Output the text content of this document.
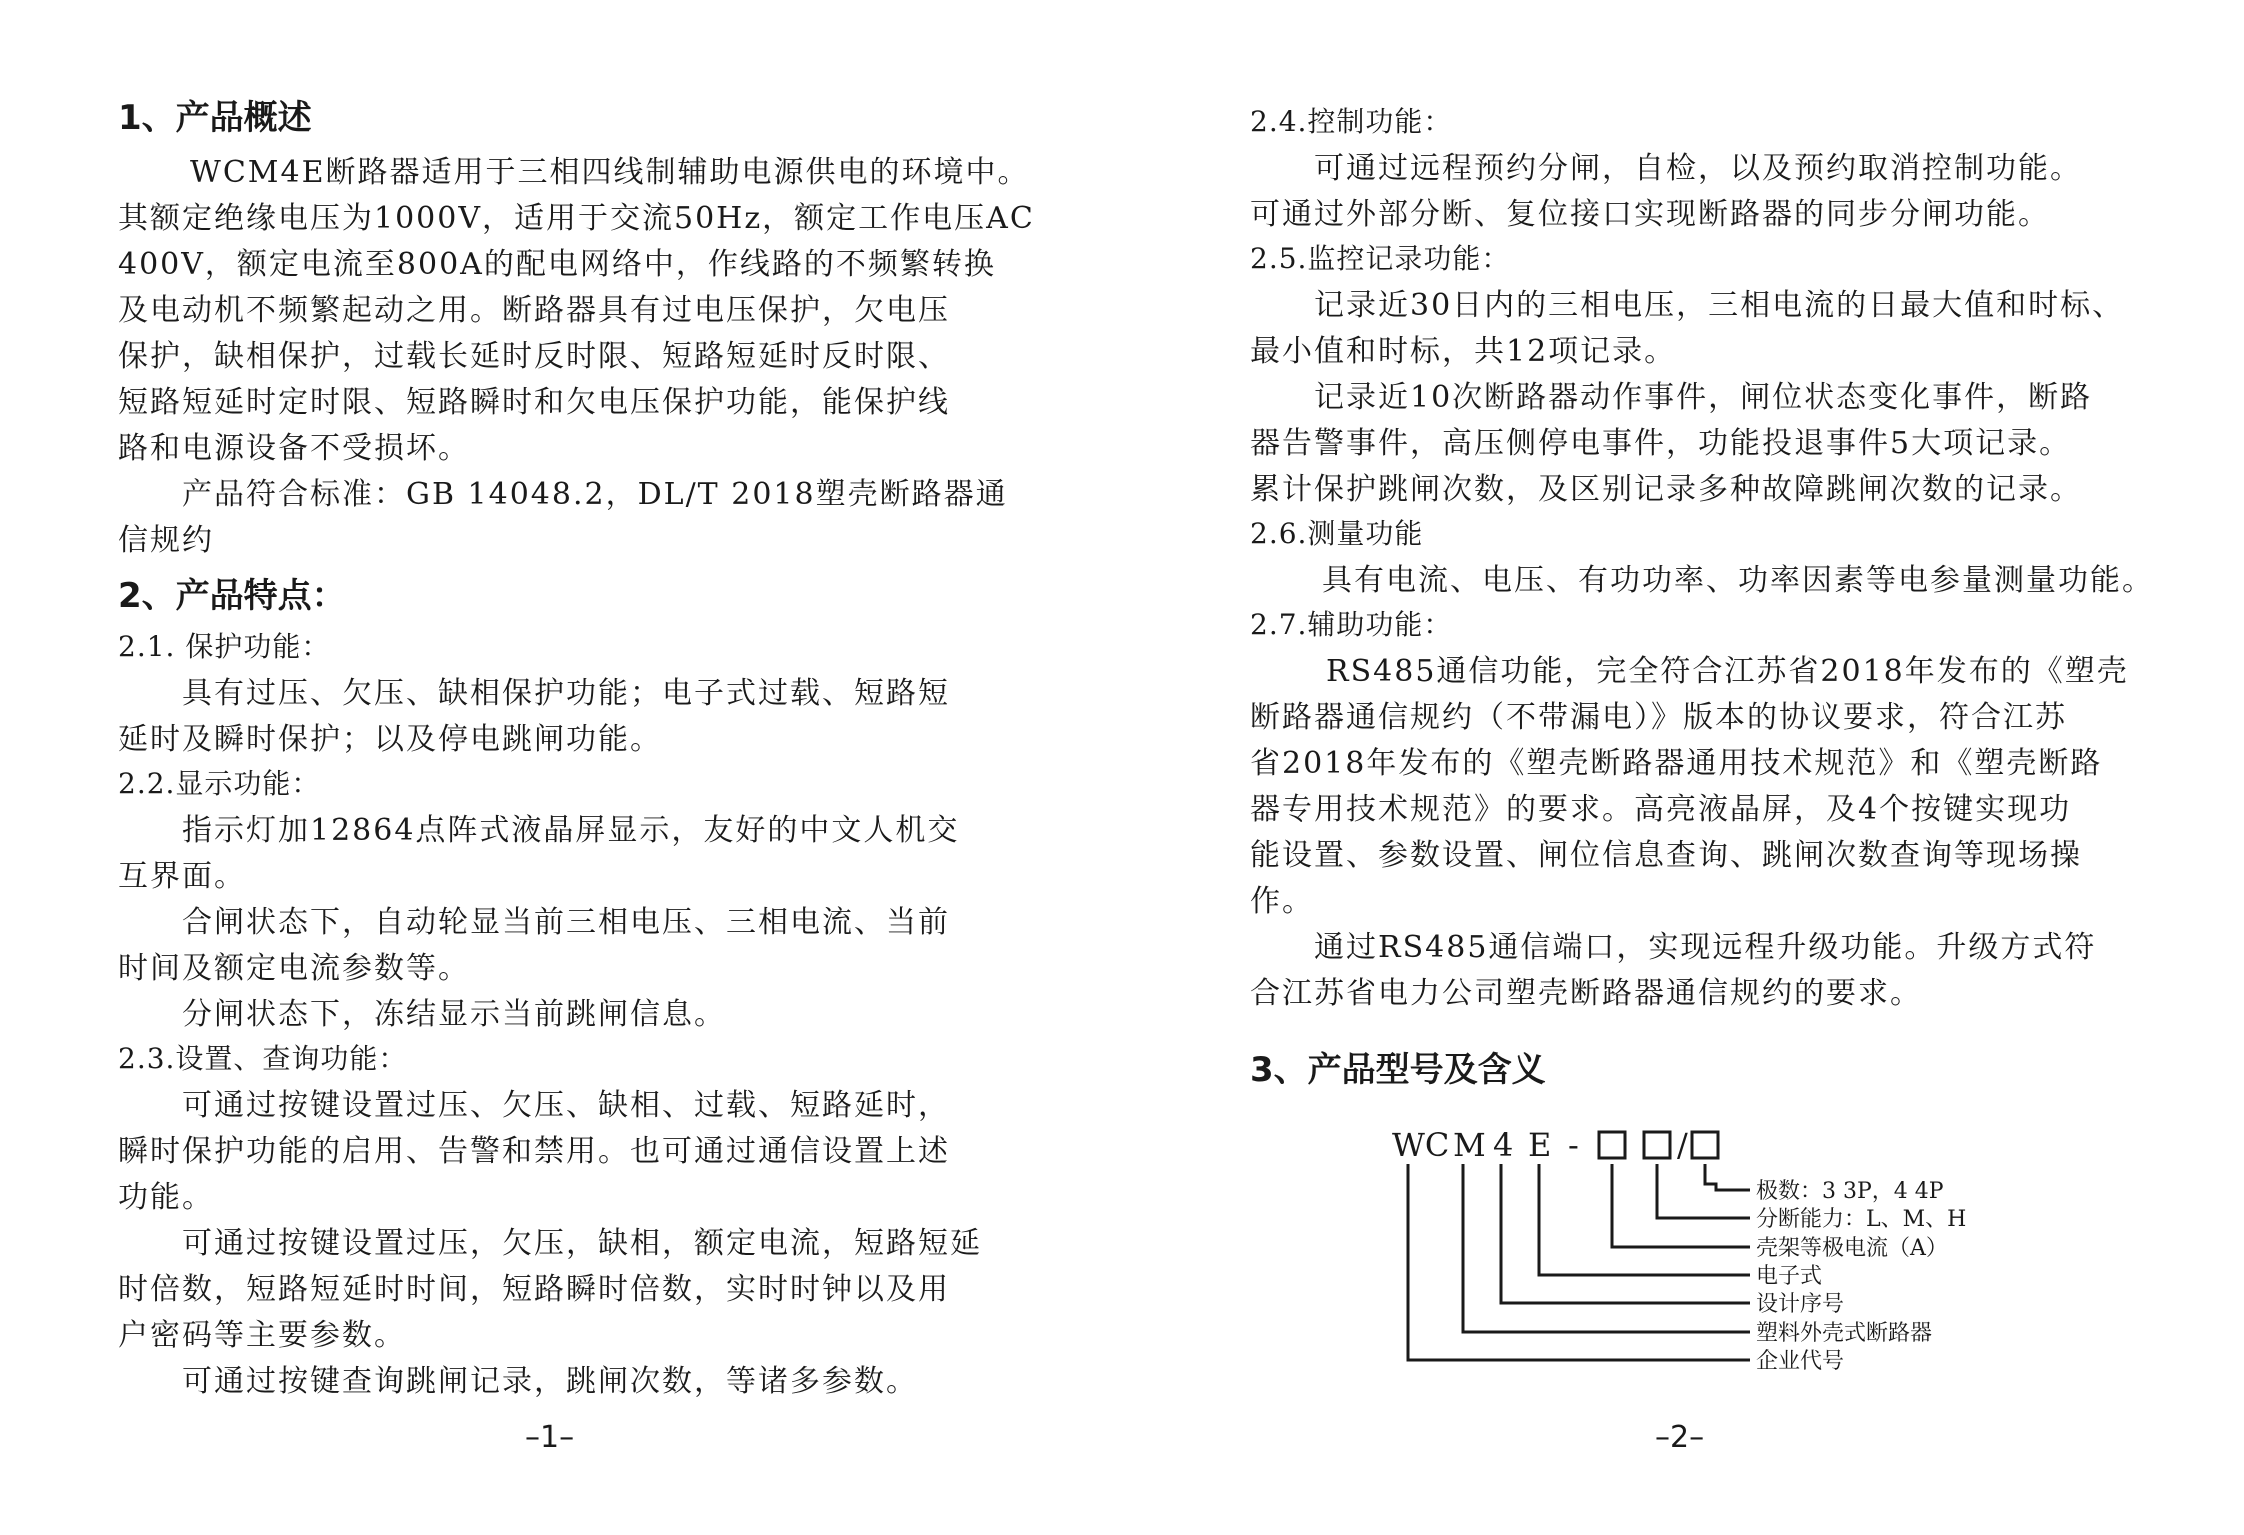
1、产品概述
WCM4E断路器适用于三相四线制辅助电源供电的环境中。
其额定绝缘电压为1000V，适用于交流50Hz，额定工作电压AC
400V，额定电流至800A的配电网络中，作线路的不频繁转换
及电动机不频繁起动之用。断路器具有过电压保护，欠电压
保护，缺相保护，过载长延时反时限、短路短延时反时限、
短路短延时定时限、短路瞬时和欠电压保护功能，能保护线
路和电源设备不受损坏。
产品符合标准：GB 14048.2，DL/T 2018塑壳断路器通
信规约
2、产品特点：
2.1. 保护功能：
具有过压、欠压、缺相保护功能；电子式过载、短路短
延时及瞬时保护；以及停电跳闸功能。
2.2.显示功能：
指示灯加12864点阵式液晶屏显示，友好的中文人机交
互界面。
合闸状态下，自动轮显当前三相电压、三相电流、当前
时间及额定电流参数等。
分闸状态下，冻结显示当前跳闸信息。
2.3.设置、查询功能：
可通过按键设置过压、欠压、缺相、过载、短路延时，
瞬时保护功能的启用、告警和禁用。也可通过通信设置上述
功能。
可通过按键设置过压，欠压，缺相，额定电流，短路短延
时倍数，短路短延时时间，短路瞬时倍数，实时时钟以及用
户密码等主要参数。
可通过按键查询跳闸记录，跳闸次数，等诸多参数。
–1–
2.4.控制功能：
可通过远程预约分闸，自检，以及预约取消控制功能。
可通过外部分断、复位接口实现断路器的同步分闸功能。
2.5.监控记录功能：
记录近30日内的三相电压，三相电流的日最大值和时标、
最小值和时标，共12项记录。
记录近10次断路器动作事件，闸位状态变化事件，断路
器告警事件，高压侧停电事件，功能投退事件5大项记录。
累计保护跳闸次数，及区别记录多种故障跳闸次数的记录。
2.6.测量功能
具有电流、电压、有功功率、功率因素等电参量测量功能。
2.7.辅助功能：
RS485通信功能，完全符合江苏省2018年发布的《塑壳
断路器通信规约（不带漏电）》版本的协议要求，符合江苏
省2018年发布的《塑壳断路器通用技术规范》和《塑壳断路
器专用技术规范》的要求。高亮液晶屏，及4个按键实现功
能设置、参数设置、闸位信息查询、跳闸次数查询等现场操
作。
通过RS485通信端口，实现远程升级功能。升级方式符
合江苏省电力公司塑壳断路器通信规约的要求。
3、产品型号及含义
WC M 4 E -	/
极数：3 3P，4 4P
分断能力：L、M、H
壳架等极电流（A）
电子式
设计序号
塑料外壳式断路器
企业代号
–2–
